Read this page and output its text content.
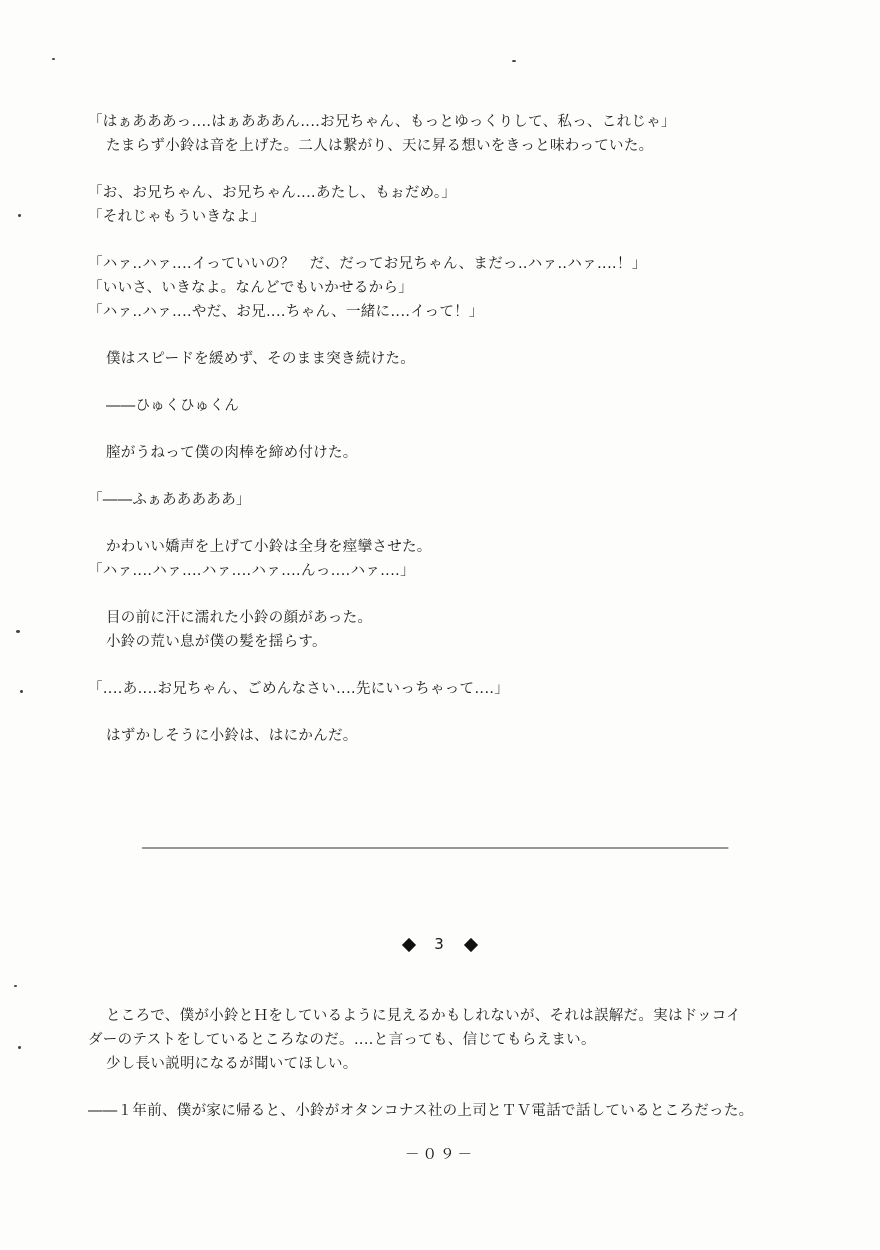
「はぁあああっ‥‥はぁあああん‥‥お兄ちゃん、もっとゆっくりして、私っ、これじゃ」
たまらず小鈴は音を上げた。二人は繋がり、天に昇る想いをきっと味わっていた。
「お、お兄ちゃん、お兄ちゃん‥‥あたし、もぉだめ。」
「それじゃもういきなよ」
「ハァ‥ハァ‥‥イっていいの？　だ、だってお兄ちゃん、まだっ‥ハァ‥ハァ‥‥！」
「いいさ、いきなよ。なんどでもいかせるから」
「ハァ‥ハァ‥‥やだ、お兄‥‥ちゃん、一緒に‥‥イって！」
僕はスピードを緩めず、そのまま突き続けた。
――ひゅくひゅくん
膣がうねって僕の肉棒を締め付けた。
「――ふぁあああああ」
かわいい嬌声を上げて小鈴は全身を痙攣させた。
「ハァ‥‥ハァ‥‥ハァ‥‥ハァ‥‥んっ‥‥ハァ‥‥」
目の前に汗に濡れた小鈴の顔があった。
小鈴の荒い息が僕の髪を揺らす。
「‥‥あ‥‥お兄ちゃん、ごめんなさい‥‥先にいっちゃって‥‥」
はずかしそうに小鈴は、はにかんだ。
――――――――――――――――――――――――――――――――――――――――――――
3
ところで、僕が小鈴とＨをしているように見えるかもしれないが、それは誤解だ。実はドッコイ
ダーのテストをしているところなのだ。‥‥と言っても、信じてもらえまい。
少し長い説明になるが聞いてほしい。
――１年前、僕が家に帰ると、小鈴がオタンコナス社の上司とＴＶ電話で話しているところだった。
－０９－
